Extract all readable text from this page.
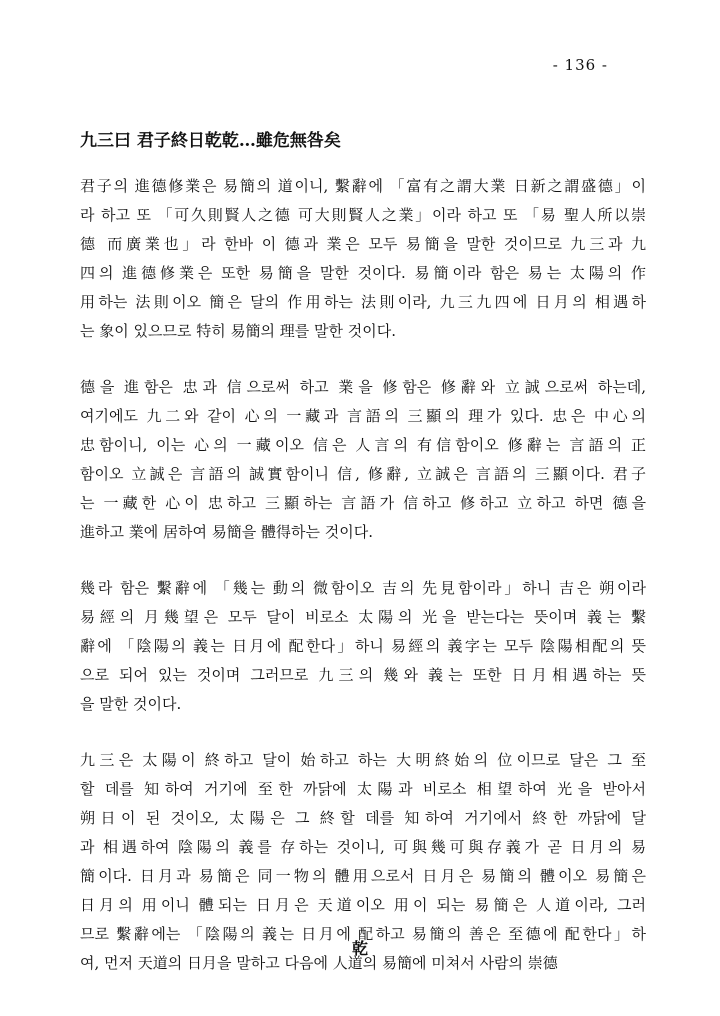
- 136 -
九三曰 君子終日乾乾…雖危無咎矣
君子의 進德修業은 易簡의 道이니, 繫辭에 「富有之謂大業 日新之謂盛德」이
라 하고 또 「可久則賢人之德 可大則賢人之業」이라 하고 또 「易 聖人所以崇
德 而廣業也」라 한바 이 德과 業은 모두 易簡을 말한 것이므로 九三과 九
四의 進德修業은 또한 易簡을 말한 것이다. 易簡이라 함은 易는 太陽의 作
用하는 法則이오 簡은 달의 作用하는 法則이라, 九三九四에 日月의 相遇하
는 象이 있으므로 特히 易簡의 理를 말한 것이다.
德을 進함은 忠과 信으로써 하고 業을 修함은 修辭와 立誠으로써 하는데,
여기에도 九二와 같이 心의 一藏과 言語의 三顯의 理가 있다. 忠은 中心의
忠함이니, 이는 心의 一藏이오 信은 人言의 有信함이오 修辭는 言語의 正
함이오 立誠은 言語의 誠實함이니 信, 修辭, 立誠은 言語의 三顯이다. 君子
는 一藏한 心이 忠하고 三顯하는 言語가 信하고 修하고 立하고 하면 德을
進하고 業에 居하여 易簡을 體得하는 것이다.
幾라 함은 繫辭에 「幾는 動의 微함이오 吉의 先見함이라」하니 吉은 朔이라
易經의 月幾望은 모두 달이 비로소 太陽의 光을 받는다는 뜻이며 義는 繫
辭에 「陰陽의 義는 日月에 配한다」하니 易經의 義字는 모두 陰陽相配의 뜻
으로 되어 있는 것이며 그러므로 九三의 幾와 義는 또한 日月相遇하는 뜻
을 말한 것이다.
九三은 太陽이 終하고 달이 始하고 하는 大明終始의 位이므로 달은 그 至
할 데를 知하여 거기에 至한 까닭에 太陽과 비로소 相望하여 光을 받아서
朔日이 된 것이오, 太陽은 그 終할 데를 知하여 거기에서 終한 까닭에 달
과 相遇하여 陰陽의 義를 存하는 것이니, 可與幾可與存義가 곧 日月의 易
簡이다. 日月과 易簡은 同一物의 體用으로서 日月은 易簡의 體이오 易簡은
日月의 用이니 體되는 日月은 天道이오 用이 되는 易簡은 人道이라, 그러
므로 繫辭에는 「陰陽의 義는 日月에 配하고 易簡의 善은 至德에 配한다」하
여, 먼저 天道의 日月을 말하고 다음에 人道의 易簡에 미쳐서 사람의 崇德
乾
